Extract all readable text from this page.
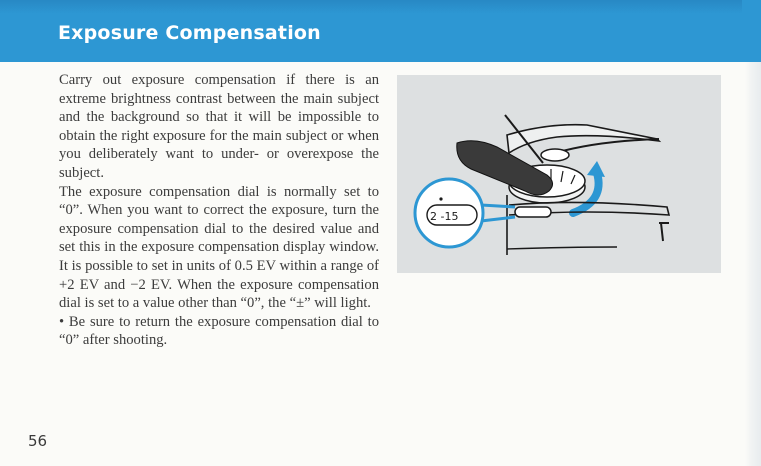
Exposure Compensation

Carry out exposure compensation if there is an extreme brightness contrast between the main subject and the background so that it will be impossible to obtain the right exposure for the main subject or when you deliberately want to under- or overexpose the subject.

The exposure compensation dial is normally set to “0”. When you want to correct the exposure, turn the exposure compensation dial to the desired value and set this in the exposure compensation display window. It is possible to set in units of 0.5 EV within a range of +2 EV and −2 EV. When the exposure compensation dial is set to a value other than “0”, the “±” will light.

• Be sure to return the exposure compensation dial to “0” after shooting.

2 -15
56
